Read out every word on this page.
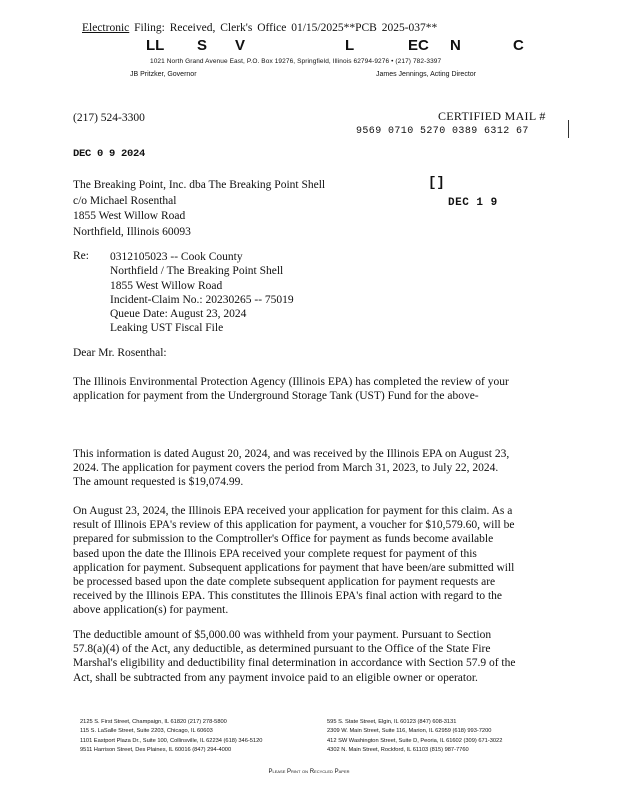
Electronic Filing: Received, Clerk's Office 01/15/2025**PCB 2025-037**
LL S V	L	EC N	C
1021 North Grand Avenue East, P.O. Box 19276, Springfield, Illinois 62794-9276 • (217) 782-3397
JB Pritzker, Governor	James Jennings, Acting Director
(217) 524-3300	CERTIFIED MAIL #
9569 0710 5270 0389 6312 67
DEC 0 9 2024
[]
DEC 1 9
The Breaking Point, Inc. dba The Breaking Point Shell
c/o Michael Rosenthal
1855 West Willow Road
Northfield, Illinois 60093
Re: 0312105023 -- Cook County
Northfield / The Breaking Point Shell
1855 West Willow Road
Incident-Claim No.: 20230265 -- 75019
Queue Date: August 23, 2024
Leaking UST Fiscal File
Dear Mr. Rosenthal:
The Illinois Environmental Protection Agency (Illinois EPA) has completed the review of your
application for payment from the Underground Storage Tank (UST) Fund for the above-
This information is dated August 20, 2024, and was received by the Illinois EPA on August 23,
2024. The application for payment covers the period from March 31, 2023, to July 22, 2024.
The amount requested is $19,074.99.
On August 23, 2024, the Illinois EPA received your application for payment for this claim. As a
result of Illinois EPA's review of this application for payment, a voucher for $10,579.60, will be
prepared for submission to the Comptroller's Office for payment as funds become available
based upon the date the Illinois EPA received your complete request for payment of this
application for payment. Subsequent applications for payment that have been/are submitted will
be processed based upon the date complete subsequent application for payment requests are
received by the Illinois EPA. This constitutes the Illinois EPA's final action with regard to the
above application(s) for payment.
The deductible amount of $5,000.00 was withheld from your payment. Pursuant to Section
57.8(a)(4) of the Act, any deductible, as determined pursuant to the Office of the State Fire
Marshal's eligibility and deductibility final determination in accordance with Section 57.9 of the
Act, shall be subtracted from any payment invoice paid to an eligible owner or operator.
2125 S. First Street, Champaign, IL 61820 (217) 278-5800
115 S. LaSalle Street, Suite 2203, Chicago, IL 60603
1101 Eastport Plaza Dr., Suite 100, Collinsville, IL 62234 (618) 346-5120
9511 Harrison Street, Des Plaines, IL 60016 (847) 294-4000
595 S. State Street, Elgin, IL 60123 (847) 608-3131
2309 W. Main Street, Suite 116, Marion, IL 62959 (618) 993-7200
412 SW Washington Street, Suite D, Peoria, IL 61602 (309) 671-3022
4302 N. Main Street, Rockford, IL 61103 (815) 987-7760
Please Print on Recycled Paper
